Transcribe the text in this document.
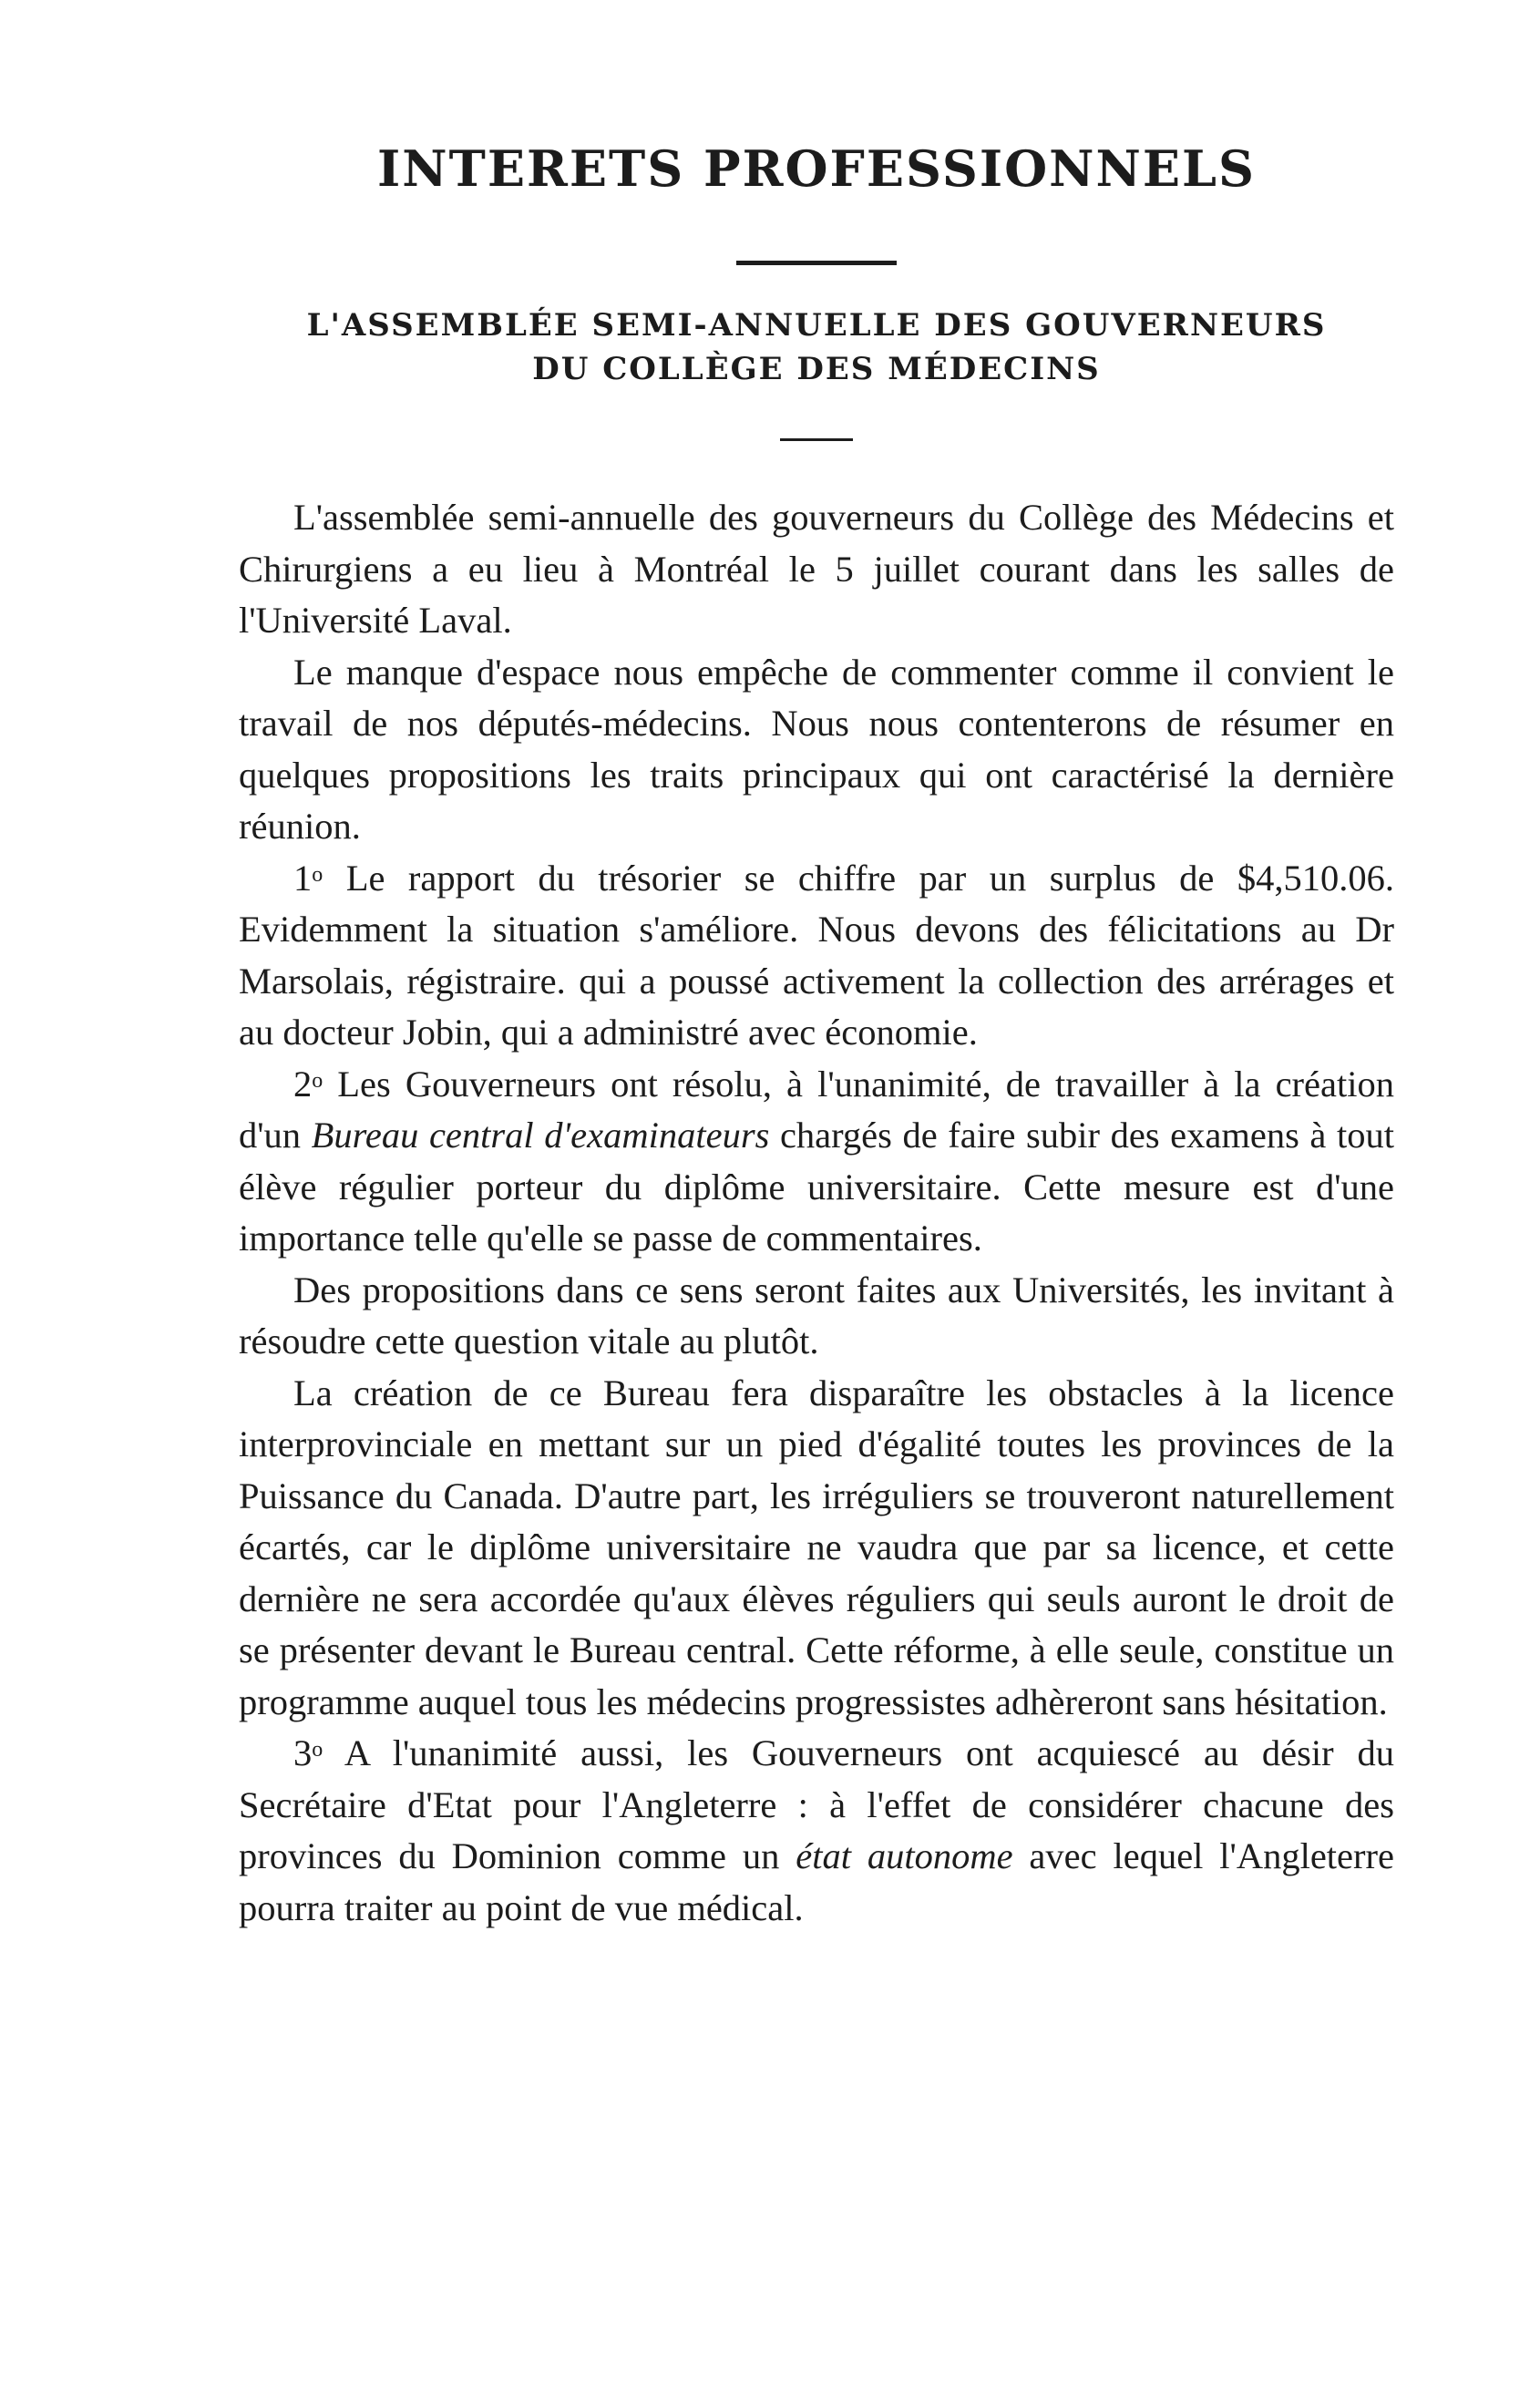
INTERETS PROFESSIONNELS
L'ASSEMBLÉE SEMI-ANNUELLE DES GOUVERNEURS
DU COLLÈGE DES MÉDECINS

L'assemblée semi-annuelle des gouverneurs du Collège des Médecins et Chirurgiens a eu lieu à Montréal le 5 juillet courant dans les salles de l'Université Laval.

Le manque d'espace nous empêche de commenter comme il convient le travail de nos députés-médecins. Nous nous contenterons de résumer en quelques propositions les traits principaux qui ont caractérisé la dernière réunion.

1$^o$ Le rapport du trésorier se chiffre par un surplus de $4,510.06. Evidemment la situation s'améliore. Nous devons des félicitations au Dr Marsolais, régistraire. qui a poussé activement la collection des arrérages et au docteur Jobin, qui a administré avec économie.

2$^o$ Les Gouverneurs ont résolu, à l'unanimité, de travailler à la création d'un Bureau central d'examinateurs chargés de faire subir des examens à tout élève régulier porteur du diplôme universitaire. Cette mesure est d'une importance telle qu'elle se passe de commentaires.

Des propositions dans ce sens seront faites aux Universités, les invitant à résoudre cette question vitale au plutôt.

La création de ce Bureau fera disparaître les obstacles à la licence interprovinciale en mettant sur un pied d'égalité toutes les provinces de la Puissance du Canada. D'autre part, les irréguliers se trouveront naturellement écartés, car le diplôme universitaire ne vaudra que par sa licence, et cette dernière ne sera accordée qu'aux élèves réguliers qui seuls auront le droit de se présenter devant le Bureau central. Cette réforme, à elle seule, constitue un programme auquel tous les médecins progressistes adhèreront sans hésitation.

3$^o$ A l'unanimité aussi, les Gouverneurs ont acquiescé au désir du Secrétaire d'Etat pour l'Angleterre : à l'effet de considérer chacune des provinces du Dominion comme un état autonome avec lequel l'Angleterre pourra traiter au point de vue médical.
